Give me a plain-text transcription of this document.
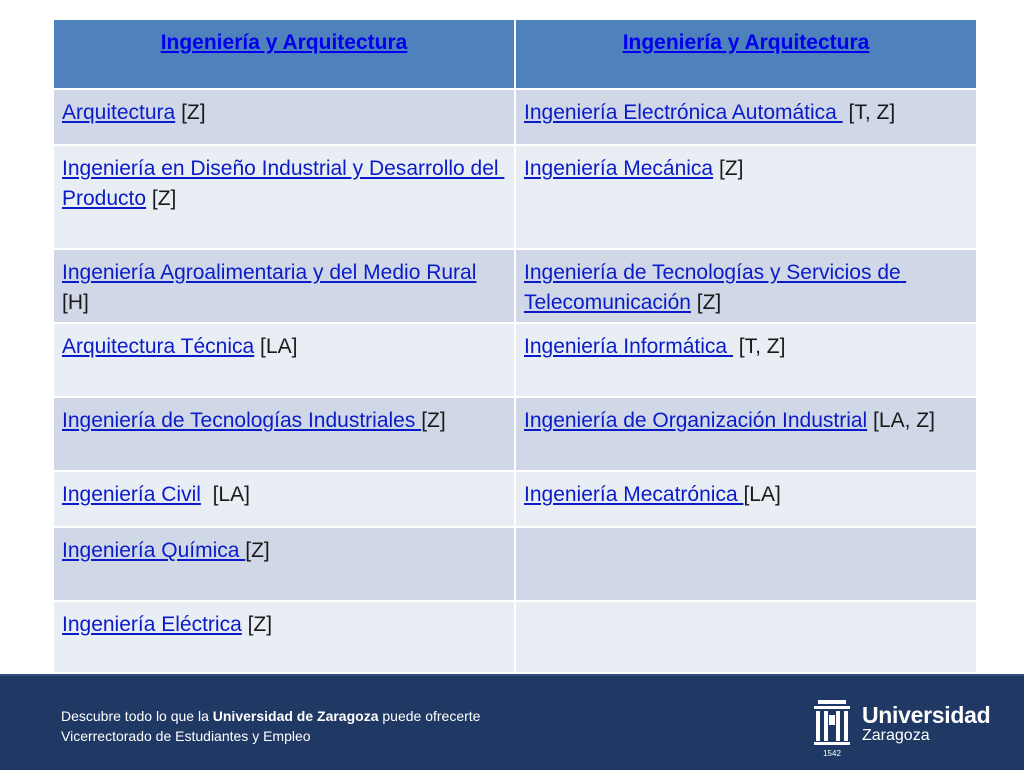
Ingeniería y Arquitectura	Ingeniería y Arquitectura
Arquitectura [Z]	Ingeniería Electrónica Automática  [T, Z]
Ingeniería en Diseño Industrial y Desarrollo del Producto [Z]	Ingeniería Mecánica [Z]
Ingeniería Agroalimentaria y del Medio Rural [H]	Ingeniería de Tecnologías y Servicios de Telecomunicación [Z]
Arquitectura Técnica [LA]	Ingeniería Informática  [T, Z]
Ingeniería de Tecnologías Industriales [Z]	Ingeniería de Organización Industrial [LA, Z]
Ingeniería Civil  [LA]	Ingeniería Mecatrónica [LA]
Ingeniería Química [Z]	
Ingeniería Eléctrica [Z]	
Descubre todo lo que la Universidad de Zaragoza puede ofrecerte
Vicerrectorado de Estudiantes y Empleo
1542
Universidad
Zaragoza
